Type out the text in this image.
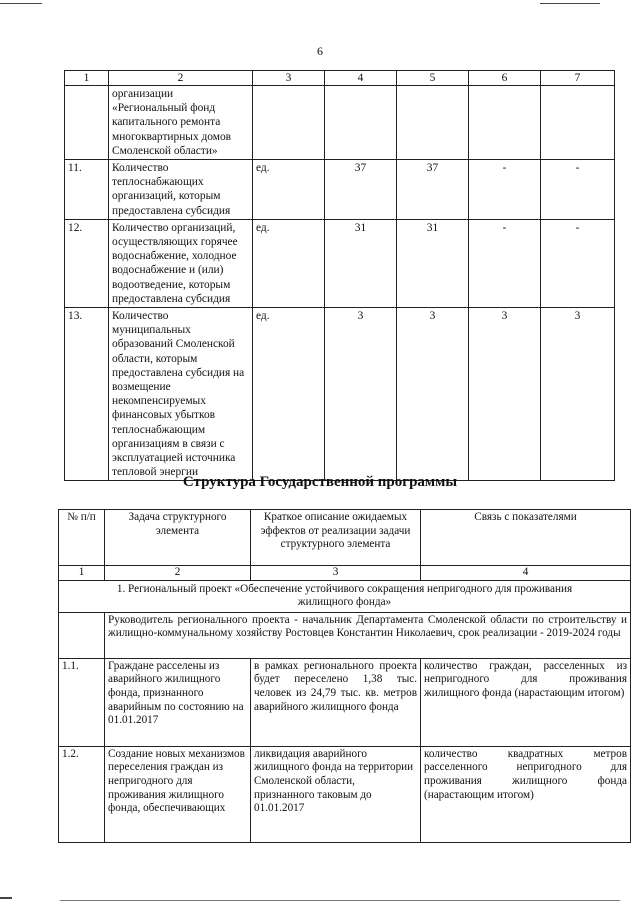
6
1	2	3	4	5	6	7
	организации «Региональный фонд капитального ремонта многоквартирных домов Смоленской области»					
11.	Количество теплоснабжающих организаций, которым предоставлена субсидия	ед.	37	37	-	-
12.	Количество организаций, осуществляющих горячее водоснабжение, холодное водоснабжение и (или) водоотведение, которым предоставлена субсидия	ед.	31	31	-	-
13.	Количество муниципальных образований Смоленской области, которым предоставлена субсидия на возмещение некомпенсируемых финансовых убытков теплоснабжающим организациям в связи с эксплуатацией источника тепловой энергии	ед.	3	3	3	3
Структура Государственной программы
№ п/п	Задача структурного элемента	Краткое описание ожидаемых эффектов от реализации задачи структурного элемента	Связь с показателями
1	2	3	4
1. Региональный проект «Обеспечение устойчивого сокращения непригодного для проживания жилищного фонда»			
	Руководитель регионального проекта - начальник Департамента Смоленской области по строительству и жилищно-коммунальному хозяйству Ростовцев Константин Николаевич, срок реализации - 2019-2024 годы		
1.1.	Граждане расселены из аварийного жилищного фонда, признанного аварийным по состоянию на 01.01.2017	в рамках регионального проекта будет переселено 1,38 тыс. человек из 24,79 тыс. кв. метров аварийного жилищного фонда	количество граждан, расселенных из непригодного для проживания жилищного фонда (нарастающим итогом)
1.2.	Создание новых механизмов переселения граждан из непригодного для проживания жилищного фонда, обеспечивающих	ликвидация аварийного жилищного фонда на территории Смоленской области, признанного таковым до 01.01.2017	количество квадратных метров расселенного непригодного для проживания жилищного фонда (нарастающим итогом)
